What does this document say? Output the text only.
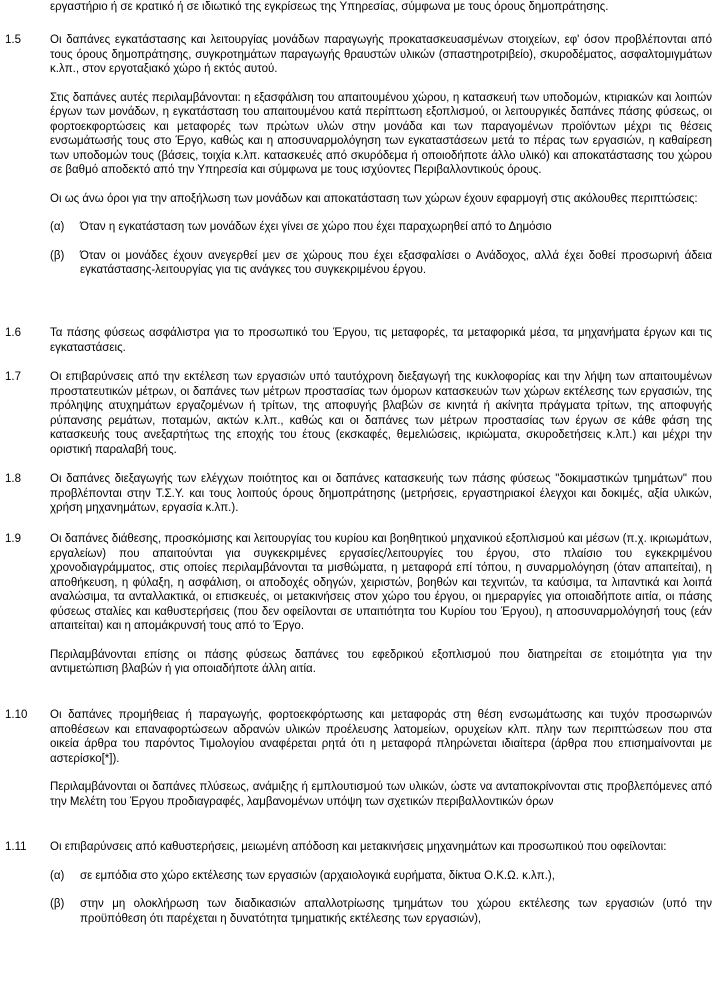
εργαστήριο ή σε κρατικό ή σε ιδιωτικό της εγκρίσεως της Υπηρεσίας, σύμφωνα με τους όρους δημοπράτησης.
1.5	Οι δαπάνες εγκατάστασης και λειτουργίας μονάδων παραγωγής προκατασκευασμένων στοιχείων, εφ' όσον προβλέπονται από τους όρους δημοπράτησης, συγκροτημάτων παραγωγής θραυστών υλικών (σπαστηροτριβείο), σκυροδέματος, ασφαλτομιγμάτων κ.λπ., στον εργοταξιακό χώρο ή εκτός αυτού.

Στις δαπάνες αυτές περιλαμβάνονται: η εξασφάλιση του απαιτουμένου χώρου, η κατασκευή των υποδομών, κτιριακών και λοιπών έργων των μονάδων, η εγκατάσταση του απαιτουμένου κατά περίπτωση εξοπλισμού, οι λειτουργικές δαπάνες πάσης φύσεως, οι φορτοεκφορτώσεις και μεταφορές των πρώτων υλών στην μονάδα και των παραγομένων προϊόντων μέχρι τις θέσεις ενσωμάτωσής τους στο Έργο, καθώς και η αποσυναρμολόγηση των εγκαταστάσεων μετά το πέρας των εργασιών, η καθαίρεση των υποδομών τους (βάσεις, τοιχία κ.λπ. κατασκευές από σκυρόδεμα ή οποιοδήποτε άλλο υλικό) και αποκατάστασης του χώρου σε βαθμό αποδεκτό από την Υπηρεσία και σύμφωνα με τους ισχύοντες Περιβαλλοντικούς όρους.

Οι ως άνω όροι για την αποξήλωση των μονάδων και αποκατάσταση των χώρων έχουν εφαρμογή στις ακόλουθες περιπτώσεις:

(α) Όταν η εγκατάσταση των μονάδων έχει γίνει σε χώρο που έχει παραχωρηθεί από το Δημόσιο
(β) Όταν οι μονάδες έχουν ανεγερθεί μεν σε χώρους που έχει εξασφαλίσει ο Ανάδοχος, αλλά έχει δοθεί προσωρινή άδεια εγκατάστασης-λειτουργίας για τις ανάγκες του συγκεκριμένου έργου.
1.6	Τα πάσης φύσεως ασφάλιστρα για το προσωπικό του Έργου, τις μεταφορές, τα μεταφορικά μέσα, τα μηχανήματα έργων και τις εγκαταστάσεις.

1.7	Οι επιβαρύνσεις από την εκτέλεση των εργασιών υπό ταυτόχρονη διεξαγωγή της κυκλοφορίας και την λήψη των απαιτουμένων προστατευτικών μέτρων, οι δαπάνες των μέτρων προστασίας των όμορων κατασκευών των χώρων εκτέλεσης των εργασιών, της πρόληψης ατυχημάτων εργαζομένων ή τρίτων, της αποφυγής βλαβών σε κινητά ή ακίνητα πράγματα τρίτων, της αποφυγής ρύπανσης ρεμάτων, ποταμών, ακτών κ.λπ., καθώς και οι δαπάνες των μέτρων προστασίας των έργων σε κάθε φάση της κατασκευής τους ανεξαρτήτως της εποχής του έτους (εκσκαφές, θεμελιώσεις, ικριώματα, σκυροδετήσεις κ.λπ.) και μέχρι την οριστική παραλαβή τους.

1.8	Οι δαπάνες διεξαγωγής των ελέγχων ποιότητος και οι δαπάνες κατασκευής των πάσης φύσεως "δοκιμαστικών τμημάτων" που προβλέπονται στην Τ.Σ.Υ. και τους λοιπούς όρους δημοπράτησης (μετρήσεις, εργαστηριακοί έλεγχοι και δοκιμές, αξία υλικών, χρήση μηχανημάτων, εργασία κ.λπ.).

1.9	Οι δαπάνες διάθεσης, προσκόμισης και λειτουργίας του κυρίου και βοηθητικού μηχανικού εξοπλισμού και μέσων (π.χ. ικριωμάτων, εργαλείων) που απαιτούνται για συγκεκριμένες εργασίες/λειτουργίες του έργου, στο πλαίσιο του εγκεκριμένου χρονοδιαγράμματος, στις οποίες περιλαμβάνονται τα μισθώματα, η μεταφορά επί τόπου, η συναρμολόγηση (όταν απαιτείται), η αποθήκευση, η φύλαξη, η ασφάλιση, οι αποδοχές οδηγών, χειριστών, βοηθών και τεχνιτών, τα καύσιμα, τα λιπαντικά και λοιπά αναλώσιμα, τα ανταλλακτικά, οι επισκευές, οι μετακινήσεις στον χώρο του έργου, οι ημεραργίες για οποιαδήποτε αιτία, οι πάσης φύσεως σταλίες και καθυστερήσεις (που δεν οφείλονται σε υπαιτιότητα του Κυρίου του Έργου), η αποσυναρμολόγησή τους (εάν απαιτείται) και η απομάκρυνσή τους από το Έργο.

Περιλαμβάνονται επίσης οι πάσης φύσεως δαπάνες του εφεδρικού εξοπλισμού που διατηρείται σε ετοιμότητα για την αντιμετώπιση βλαβών ή για οποιαδήποτε άλλη αιτία.

1.10 Οι δαπάνες προμήθειας ή παραγωγής, φορτοεκφόρτωσης και μεταφοράς στη θέση ενσωμάτωσης και τυχόν προσωρινών αποθέσεων και επαναφορτώσεων αδρανών υλικών προέλευσης λατομείων, ορυχείων κλπ. πλην των περιπτώσεων που στα οικεία άρθρα του παρόντος Τιμολογίου αναφέρεται ρητά ότι η μεταφορά πληρώνεται ιδιαίτερα (άρθρα που επισημαίνονται με αστερίσκο[*]).

Περιλαμβάνονται οι δαπάνες πλύσεως, ανάμιξης ή εμπλουτισμού των υλικών, ώστε να ανταποκρίνονται στις προβλεπόμενες από την Μελέτη του Έργου προδιαγραφές, λαμβανομένων υπόψη των σχετικών περιβαλλοντικών όρων

1.11 Οι επιβαρύνσεις από καθυστερήσεις, μειωμένη απόδοση και μετακινήσεις μηχανημάτων και προσωπικού που οφείλονται:

(α) σε εμπόδια στο χώρο εκτέλεσης των εργασιών (αρχαιολογικά ευρήματα, δίκτυα Ο.Κ.Ω. κ.λπ.),
(β) στην μη ολοκλήρωση των διαδικασιών απαλλοτρίωσης τμημάτων του χώρου εκτέλεσης των εργασιών (υπό την προϋπόθεση ότι παρέχεται η δυνατότητα τμηματικής εκτέλεσης των εργασιών),
